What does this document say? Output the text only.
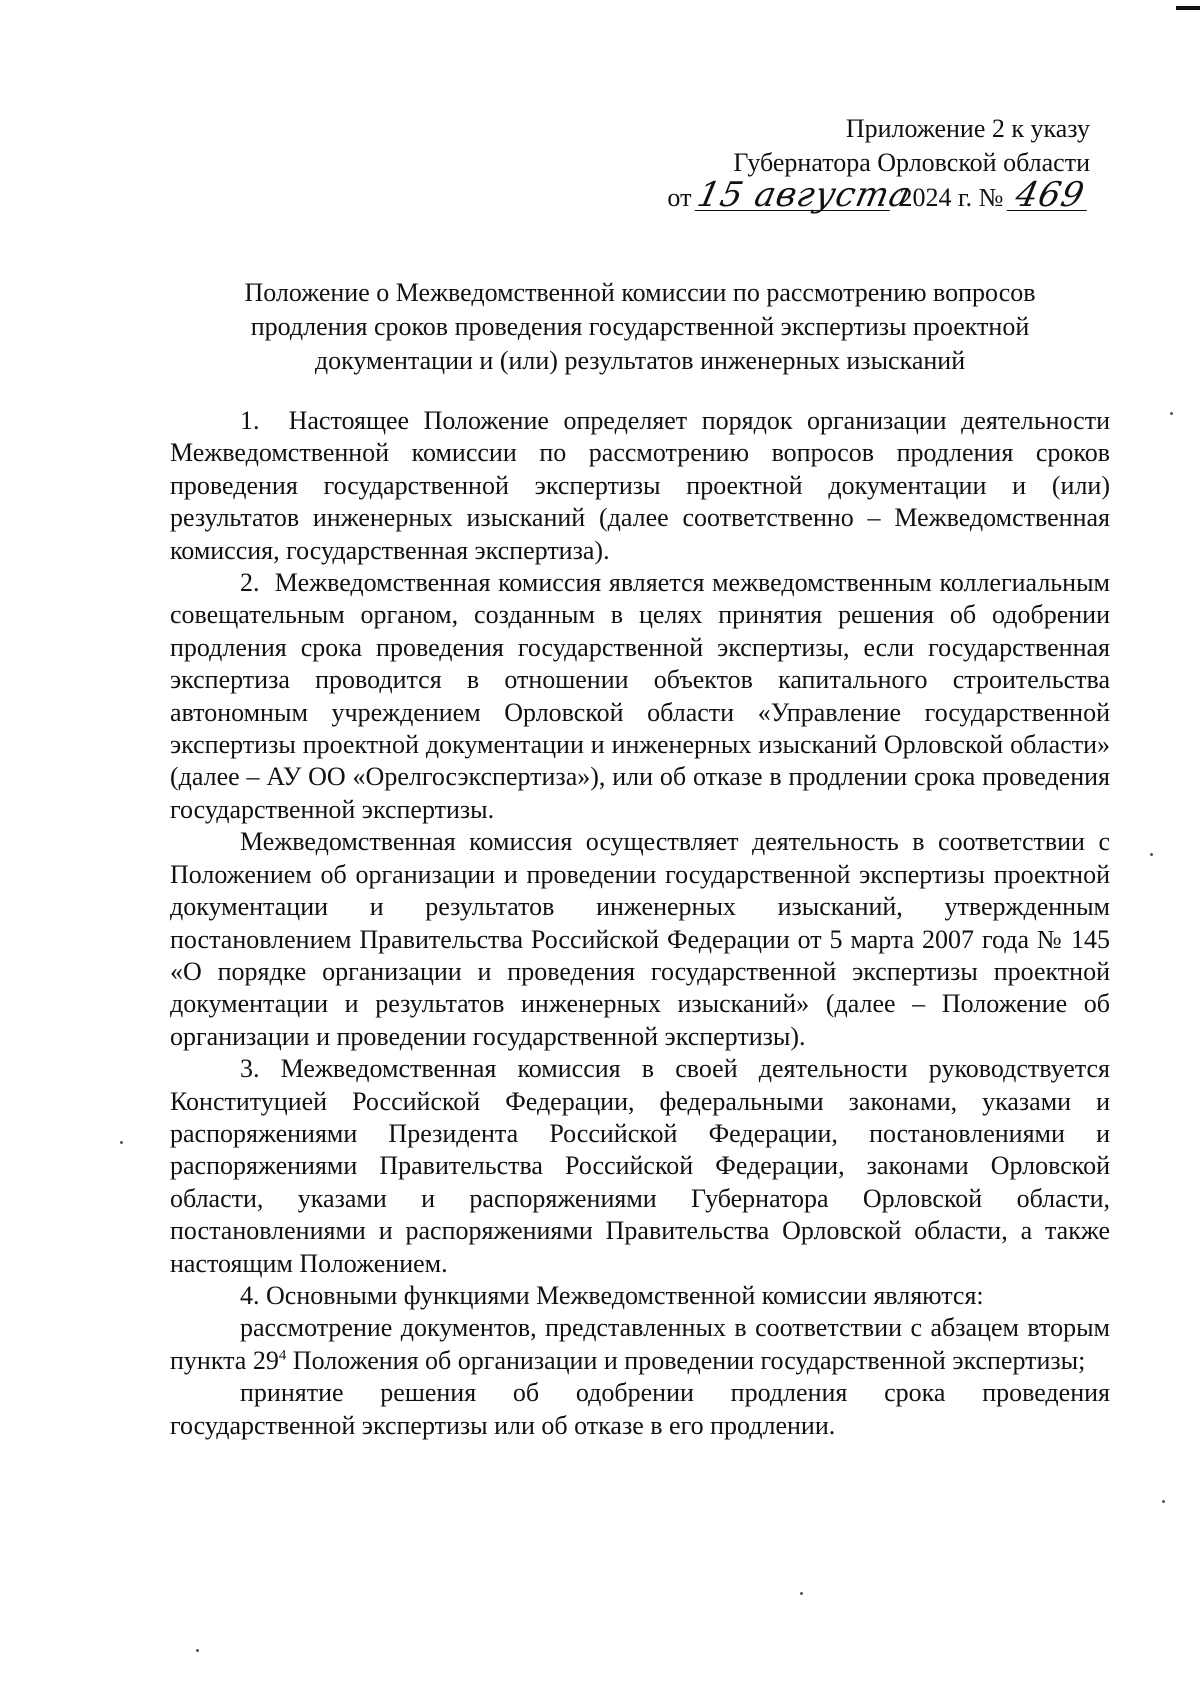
Приложение 2 к указу
Губернатора Орловской области
от 15 августа 2024 г. № 469
Положение о Межведомственной комиссии по рассмотрению вопросов
продления сроков проведения государственной экспертизы проектной
документации и (или) результатов инженерных изысканий

1.  Настоящее Положение определяет порядок организации деятельности Межведомственной комиссии по рассмотрению вопросов продления сроков проведения государственной экспертизы проектной документации и (или) результатов инженерных изысканий (далее соответственно – Межведомственная комиссия, государственная экспертиза).

2.  Межведомственная комиссия является межведомственным коллегиальным совещательным органом, созданным в целях принятия решения об одобрении продления срока проведения государственной экспертизы, если государственная экспертиза проводится в отношении объектов капитального строительства автономным учреждением Орловской области «Управление государственной экспертизы проектной документации и инженерных изысканий Орловской области» (далее – АУ ОО «Орелгосэкспертиза»), или об отказе в продлении срока проведения государственной экспертизы.

Межведомственная комиссия осуществляет деятельность в соответствии с Положением об организации и проведении государственной экспертизы проектной документации и результатов инженерных изысканий, утвержденным постановлением Правительства Российской Федерации от 5 марта 2007 года № 145 «О порядке организации и проведения государственной экспертизы проектной документации и результатов инженерных изысканий» (далее – Положение об организации и проведении государственной экспертизы).

3. Межведомственная комиссия в своей деятельности руководствуется Конституцией Российской Федерации, федеральными законами, указами и распоряжениями Президента Российской Федерации, постановлениями и распоряжениями Правительства Российской Федерации, законами Орловской области, указами и распоряжениями Губернатора Орловской области, постановлениями и распоряжениями Правительства Орловской области, а также настоящим Положением.

4. Основными функциями Межведомственной комиссии являются:

рассмотрение документов, представленных в соответствии с абзацем вторым пункта $29^4$ Положения об организации и проведении государственной экспертизы;

принятие решения об одобрении продления срока проведения государственной экспертизы или об отказе в его продлении.
